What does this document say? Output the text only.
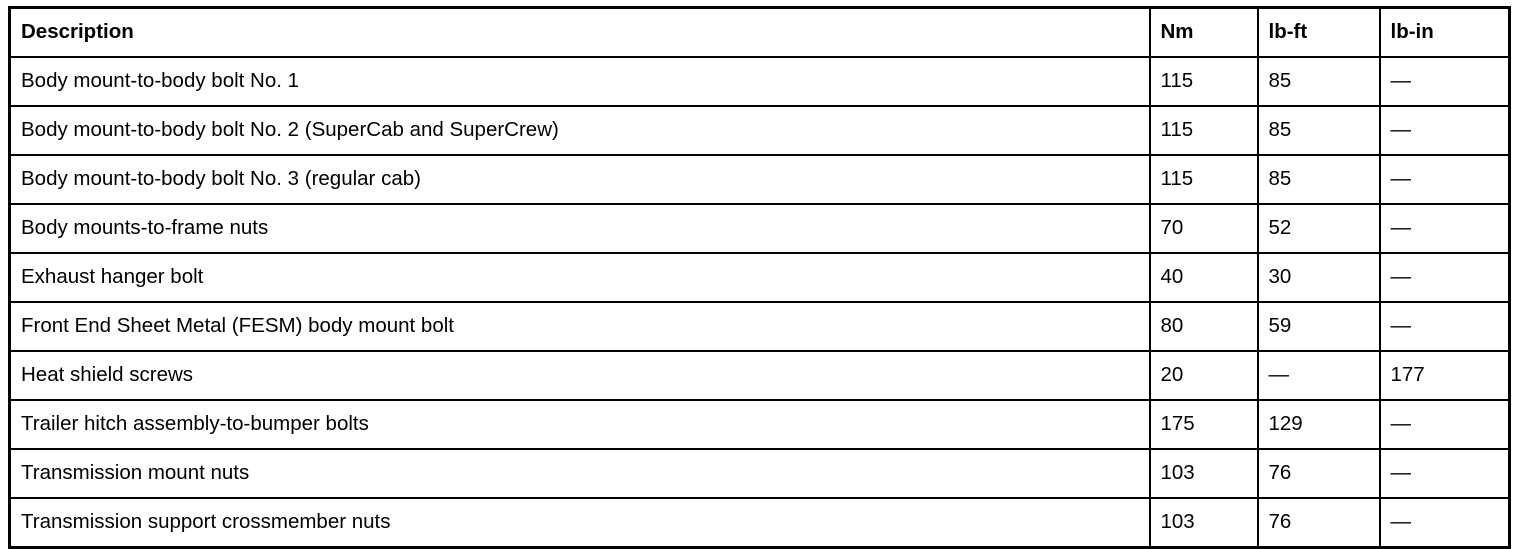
Description	Nm	lb-ft	lb-in
Body mount-to-body bolt No. 1	115	85	—
Body mount-to-body bolt No. 2 (SuperCab and SuperCrew)	115	85	—
Body mount-to-body bolt No. 3 (regular cab)	115	85	—
Body mounts-to-frame nuts	70	52	—
Exhaust hanger bolt	40	30	—
Front End Sheet Metal (FESM) body mount bolt	80	59	—
Heat shield screws	20	—	177
Trailer hitch assembly-to-bumper bolts	175	129	—
Transmission mount nuts	103	76	—
Transmission support crossmember nuts	103	76	—
